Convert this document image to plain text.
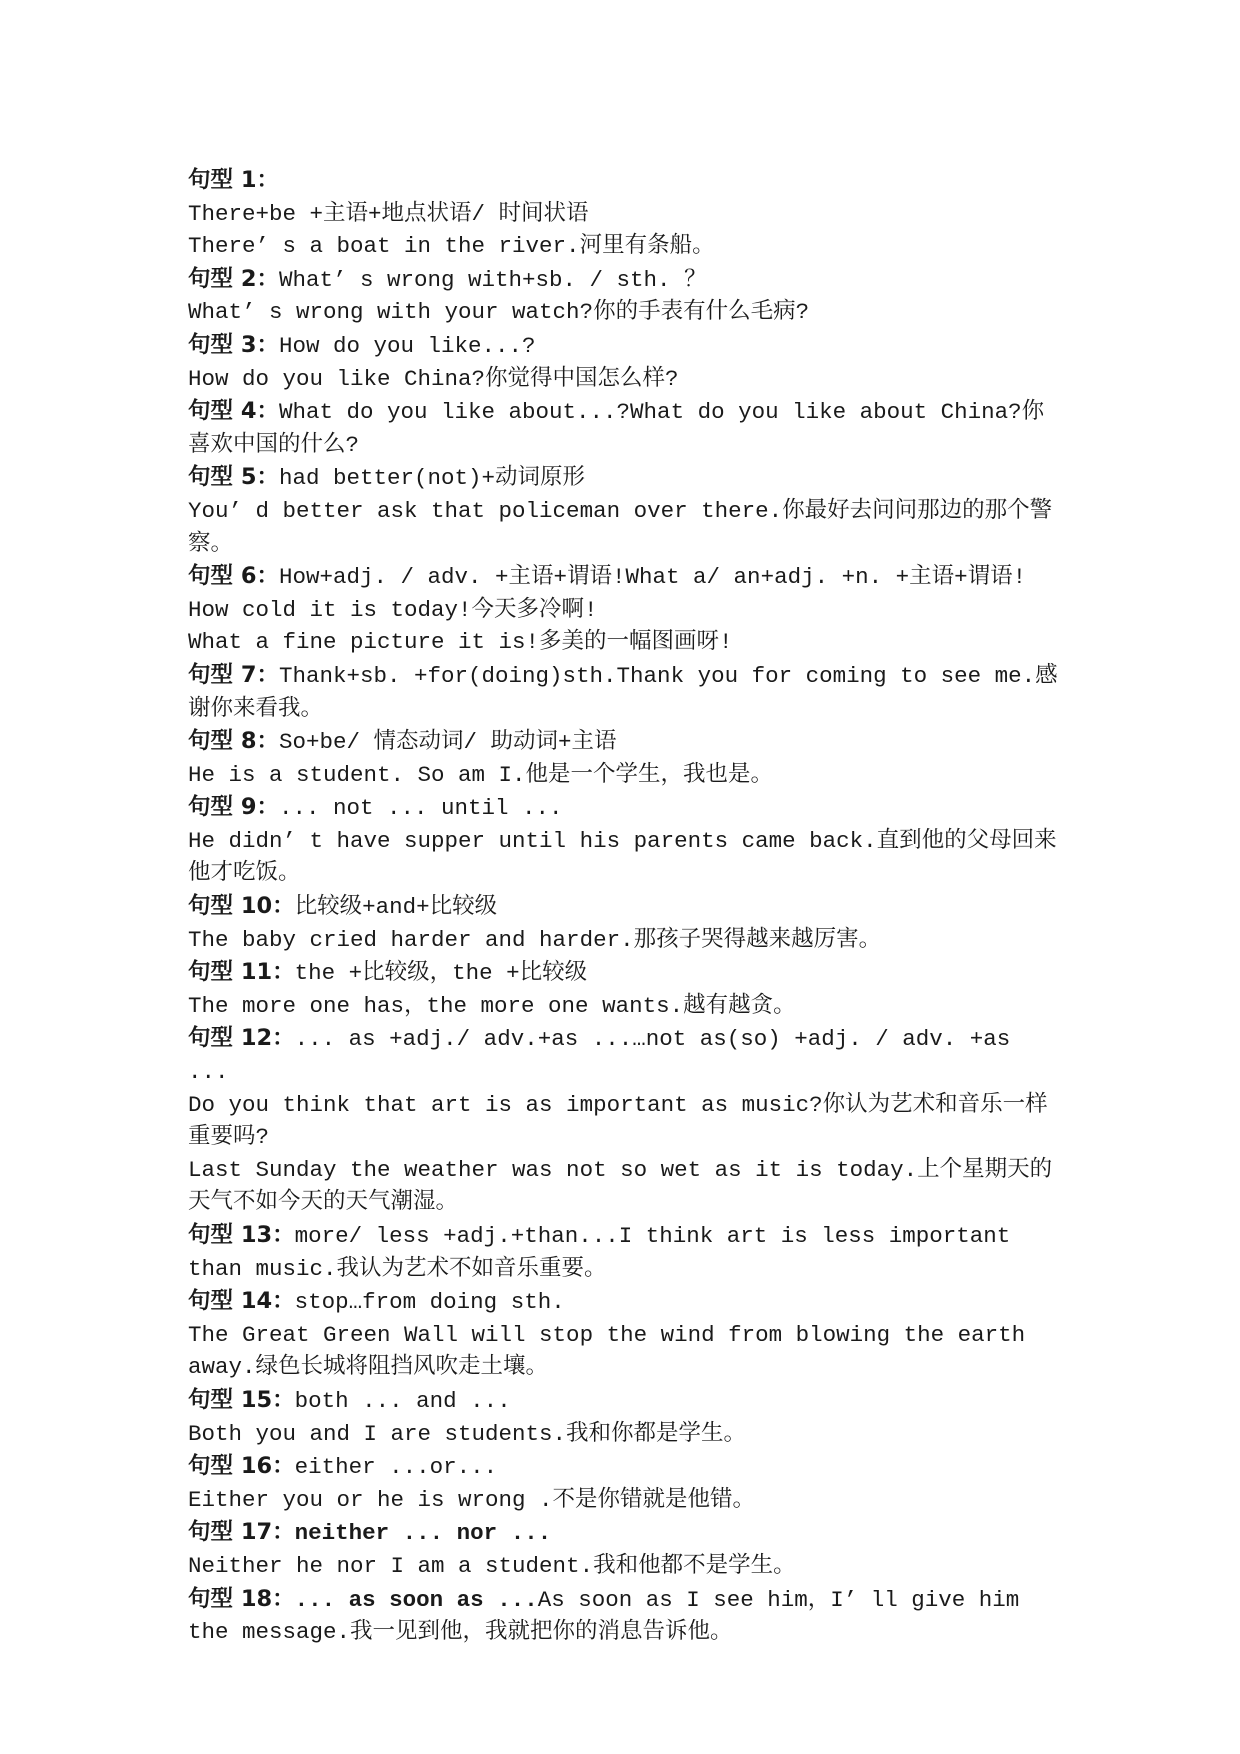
句型 1：

There+be +主语+地点状语/ 时间状语

There’ s a boat in the river.河里有条船。

句型 2：What’ s wrong with+sb. / sth. ？

What’ s wrong with your watch?你的手表有什么毛病?

句型 3：How do you like...?

How do you like China?你觉得中国怎么样?

句型 4：What do you like about...?What do you like about China?你喜欢中国的什么?

句型 5：had better(not)+动词原形

You’ d better ask that policeman over there.你最好去问问那边的那个警察。

句型 6：How+adj. / adv. +主语+谓语!What a/ an+adj. +n. +主语+谓语!

How cold it is today!今天多冷啊!

What a fine picture it is!多美的一幅图画呀!

句型 7：Thank+sb. +for(doing)sth.Thank you for coming to see me.感谢你来看我。

句型 8：So+be/ 情态动词/ 助动词+主语

He is a student. So am I.他是一个学生，我也是。

句型 9：... not ... until ...

He didn’ t have supper until his parents came back.直到他的父母回来他才吃饭。

句型 10：比较级+and+比较级

The baby cried harder and harder.那孩子哭得越来越厉害。

句型 11：the +比较级，the +比较级

The more one has，the more one wants.越有越贪。

句型 12：... as +adj./ adv.+as ...…not as(so) +adj. / adv. +as ...

Do you think that art is as important as music?你认为艺术和音乐一样重要吗?

Last Sunday the weather was not so wet as it is today.上个星期天的天气不如今天的天气潮湿。

句型 13：more/ less +adj.+than...I think art is less important than music.我认为艺术不如音乐重要。

句型 14：stop…from doing sth.

The Great Green Wall will stop the wind from blowing the earth away.绿色长城将阻挡风吹走土壤。

句型 15：both ... and ...

Both you and I are students.我和你都是学生。

句型 16：either ...or...

Either you or he is wrong .不是你错就是他错。

句型 17：neither ... nor ...

Neither he nor I am a student.我和他都不是学生。

句型 18：... as soon as ...As soon as I see him，I’ ll give him the message.我一见到他，我就把你的消息告诉他。
